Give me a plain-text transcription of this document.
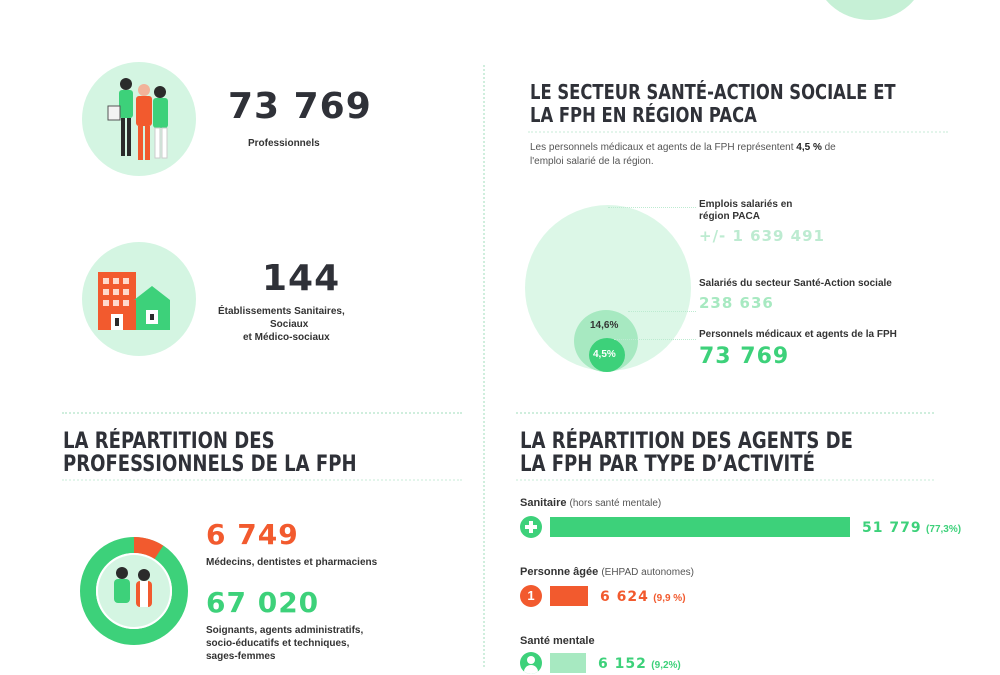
73 769
Professionnels
144
Établissements Sanitaires,
Sociaux
et Médico-sociaux
LA RÉPARTITION DES
PROFESSIONNELS DE LA FPH
6 749
Médecins, dentistes et pharmaciens
67 020
Soignants, agents administratifs,
socio-éducatifs et techniques,
sages-femmes
LE SECTEUR SANTÉ-ACTION SOCIALE ET
LA FPH EN RÉGION PACA
Les personnels médicaux et agents de la FPH représentent 4,5 % de
l'emploi salarié de la région.
14,6%
4,5%
Emplois salariés en
région PACA
+/- 1 639 491
Salariés du secteur Santé-Action sociale
238 636
Personnels médicaux et agents de la FPH
73 769
LA RÉPARTITION DES AGENTS DE
LA FPH PAR TYPE D’ACTIVITÉ
Sanitaire (hors santé mentale)
51 779 (77,3%)
Personne âgée (EHPAD autonomes)
1	6 624 (9,9 %)
Santé mentale
6 152 (9,2%)
